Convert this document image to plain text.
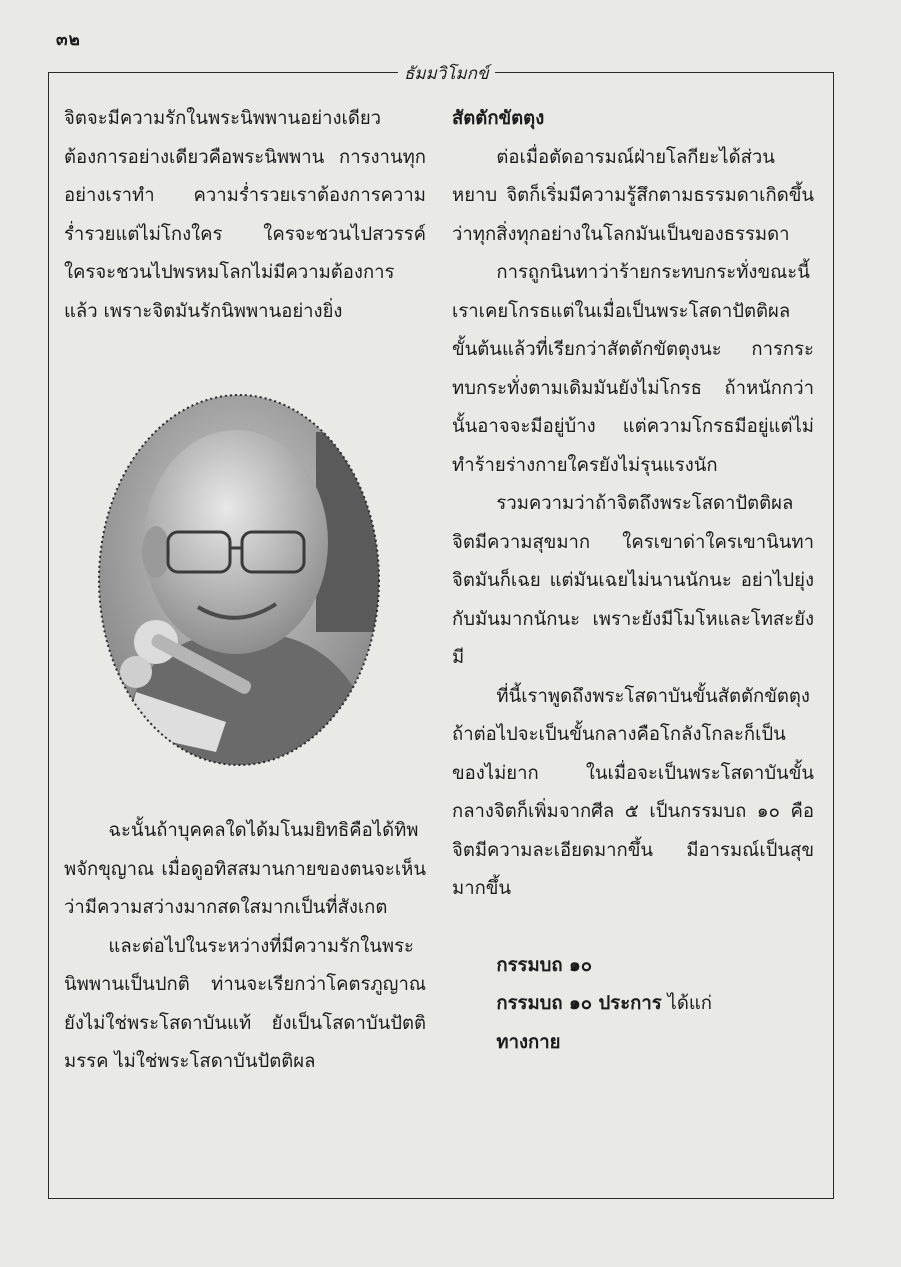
๓๒
ธัมมวิโมกข์

จิตจะมีความรักในพระนิพพานอย่างเดียว ต้องการอย่างเดียวคือพระนิพพาน การงานทุกอย่างเราทำ ความร่ำรวยเราต้องการความร่ำรวยแต่ไม่โกงใคร ใครจะชวนไปสวรรค์ ใครจะชวนไปพรหมโลกไม่มีความต้องการแล้ว เพราะจิตมันรักนิพพานอย่างยิ่ง

ฉะนั้นถ้าบุคคลใดได้มโนมยิทธิคือได้ทิพพจักขุญาณ เมื่อดูอทิสสมานกายของตนจะเห็นว่ามีความสว่างมากสดใสมากเป็นที่สังเกต

และต่อไปในระหว่างที่มีความรักในพระนิพพานเป็นปกติ ท่านจะเรียกว่าโคตรภูญาณ ยังไม่ใช่พระโสดาบันแท้ ยังเป็นโสดาบันปัตติมรรค ไม่ใช่พระโสดาบันปัตติผล

สัตตักขัตตุง

ต่อเมื่อตัดอารมณ์ฝ่ายโลกียะได้ส่วนหยาบ จิตก็เริ่มมีความรู้สึกตามธรรมดาเกิดขึ้นว่าทุกสิ่งทุกอย่างในโลกมันเป็นของธรรมดา

การถูกนินทาว่าร้ายกระทบกระทั่งขณะนี้เราเคยโกรธแต่ในเมื่อเป็นพระโสดาปัตติผลขั้นต้นแล้วที่เรียกว่าสัตตักขัตตุงนะ การกระทบกระทั่งตามเดิมมันยังไม่โกรธ ถ้าหนักกว่านั้นอาจจะมีอยู่บ้าง แต่ความโกรธมีอยู่แต่ไม่ทำร้ายร่างกายใครยังไม่รุนแรงนัก

รวมความว่าถ้าจิตถึงพระโสดาปัตติผล จิตมีความสุขมาก ใครเขาด่าใครเขานินทา จิตมันก็เฉย แต่มันเฉยไม่นานนักนะ อย่าไปยุ่งกับมันมากนักนะ เพราะยังมีโมโหและโทสะยังมี

ที่นี้เราพูดถึงพระโสดาบันขั้นสัตตักขัตตุง ถ้าต่อไปจะเป็นขั้นกลางคือโกลังโกละก็เป็นของไม่ยาก ในเมื่อจะเป็นพระโสดาบันขั้นกลางจิตก็เพิ่มจากศีล ๕ เป็นกรรมบถ ๑๐ คือจิตมีความละเอียดมากขึ้น มีอารมณ์เป็นสุขมากขึ้น

กรรมบถ ๑๐

กรรมบถ ๑๐ ประการ ได้แก่

ทางกาย
